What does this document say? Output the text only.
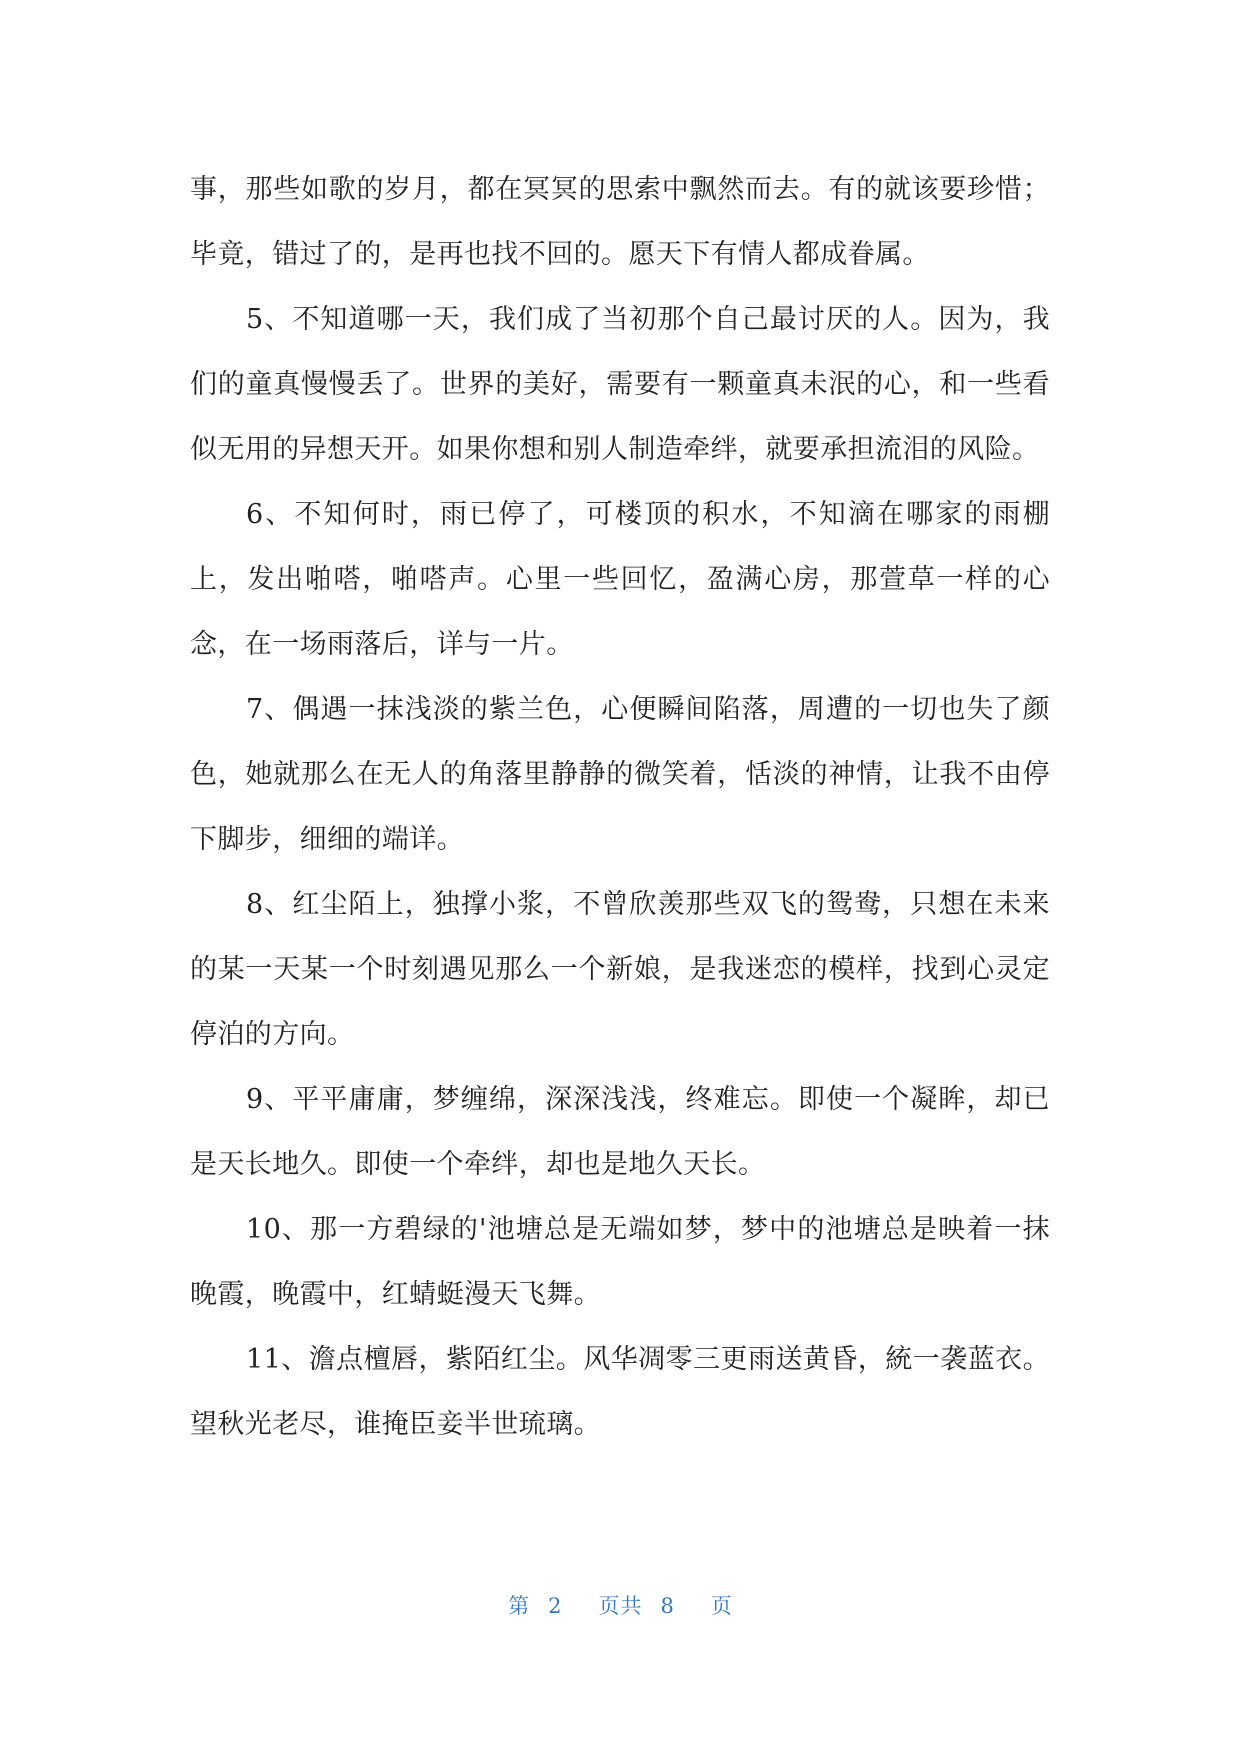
事，那些如歌的岁月，都在冥冥的思索中飘然而去。有的就该要珍惜；毕竟，错过了的，是再也找不回的。愿天下有情人都成眷属。

5、不知道哪一天，我们成了当初那个自己最讨厌的人。因为，我们的童真慢慢丢了。世界的美好，需要有一颗童真未泯的心，和一些看似无用的异想天开。如果你想和别人制造牵绊，就要承担流泪的风险。

6、不知何时，雨已停了，可楼顶的积水，不知滴在哪家的雨棚上，发出啪嗒，啪嗒声。心里一些回忆，盈满心房，那萱草一样的心念，在一场雨落后，详与一片。

7、偶遇一抹浅淡的紫兰色，心便瞬间陷落，周遭的一切也失了颜色，她就那么在无人的角落里静静的微笑着，恬淡的神情，让我不由停下脚步，细细的端详。

8、红尘陌上，独撑小浆，不曾欣羡那些双飞的鸳鸯，只想在未来的某一天某一个时刻遇见那么一个新娘，是我迷恋的模样，找到心灵定停泊的方向。

9、平平庸庸，梦缠绵，深深浅浅，终难忘。即使一个凝眸，却已是天长地久。即使一个牵绊，却也是地久天长。

10、那一方碧绿的'池塘总是无端如梦，梦中的池塘总是映着一抹晚霞，晚霞中，红蜻蜓漫天飞舞。

11、澹点檀唇，紫陌红尘。风华凋零三更雨送黄昏，統一袭蓝衣。望秋光老尽，谁掩臣妾半世琉璃。

第 2 页共 8 页
